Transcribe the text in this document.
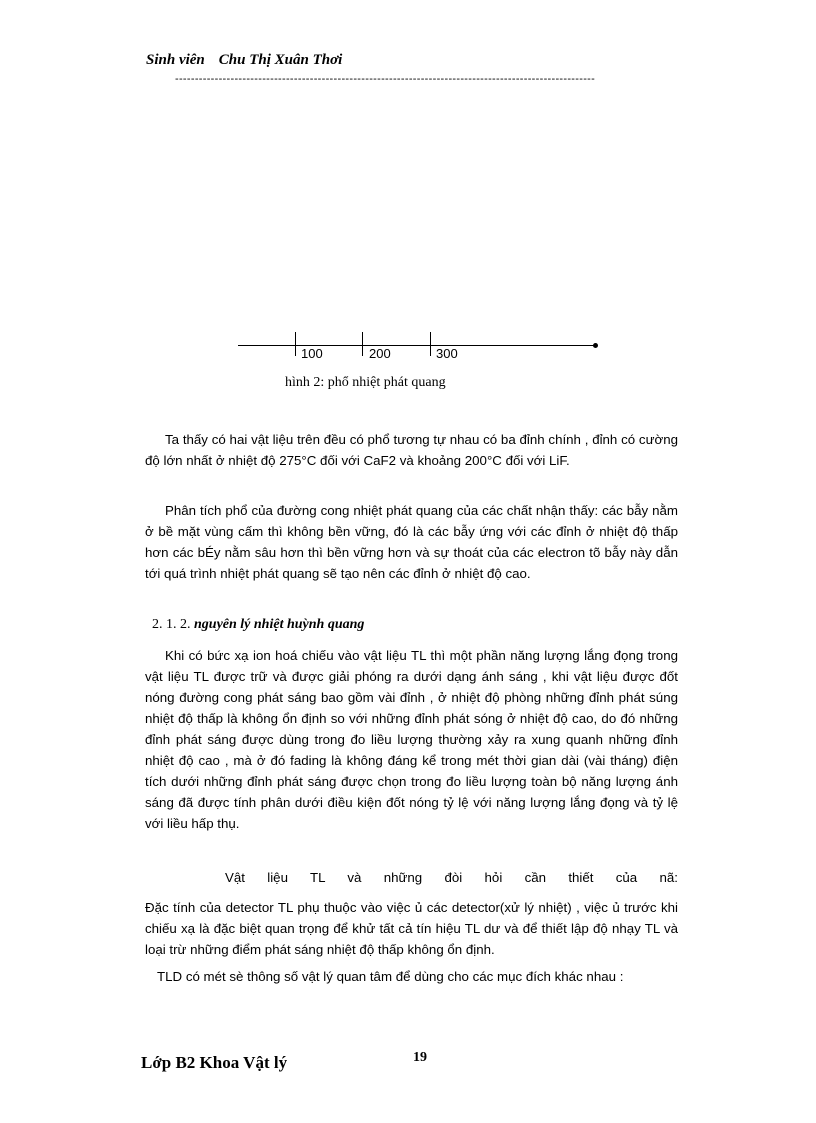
Sinh viên Chu Thị Xuân Thơi
----------------------------------------------------------------------------------------------------------
100	200	300
hình 2: phổ nhiệt phát quang

Ta thấy có hai vật liệu trên đều có phổ tương tự nhau có ba đỉnh chính , đỉnh có cường độ lớn nhất ở nhiệt độ 275°C đối với CaF2 và khoảng 200°C đối với LiF.

Phân tích phổ của đường cong nhiệt phát quang của các chất nhận thấy: các bẫy nằm ở bề mặt vùng cấm thì không bền vững, đó là các bẫy ứng với các đỉnh ở nhiệt độ thấp hơn các bÉy nằm sâu hơn thì bền vững hơn và sự thoát của các electron tõ bẫy này dẫn tới quá trình nhiệt phát quang sẽ tạo nên các đỉnh ở nhiệt độ cao.

2. 1. 2. nguyên lý nhiệt huỳnh quang

Khi có bức xạ ion hoá chiếu vào vật liệu TL thì một phần năng lượng lắng đọng trong vật liệu TL được trữ và được giải phóng ra dưới dạng ánh sáng , khi vật liệu được đốt nóng đường cong phát sáng bao gồm vài đỉnh , ở nhiệt độ phòng những đỉnh phát súng nhiệt độ thấp là không ổn định so với những đỉnh phát sóng ở nhiệt độ cao, do đó những đỉnh phát sáng được dùng trong đo liều lượng thường xảy ra xung quanh những đỉnh nhiệt độ cao , mà ở đó fading là không đáng kể trong mét thời gian dài (vài tháng) điện tích dưới những đỉnh phát sáng được chọn trong đo liều lượng toàn bộ năng lượng ánh sáng đã được tính phân dưới điều kiện đốt nóng tỷ lệ với năng lượng lắng đọng và tỷ lệ với liều hấp thụ.

Vật liệu TL và những đòi hỏi cần thiết của nã:

Đặc tính của detector TL phụ thuộc vào việc ủ các detector(xử lý nhiệt) , việc ủ trước khi chiếu xạ là đặc biệt quan trọng để khử tất cả tín hiệu TL dư và để thiết lập độ nhạy TL và loại trừ những điểm phát sáng nhiệt độ thấp không ổn định.

TLD có mét sè thông số vật lý quan tâm để dùng cho các mục đích khác nhau :

Lớp B2 Khoa Vật lý	19
